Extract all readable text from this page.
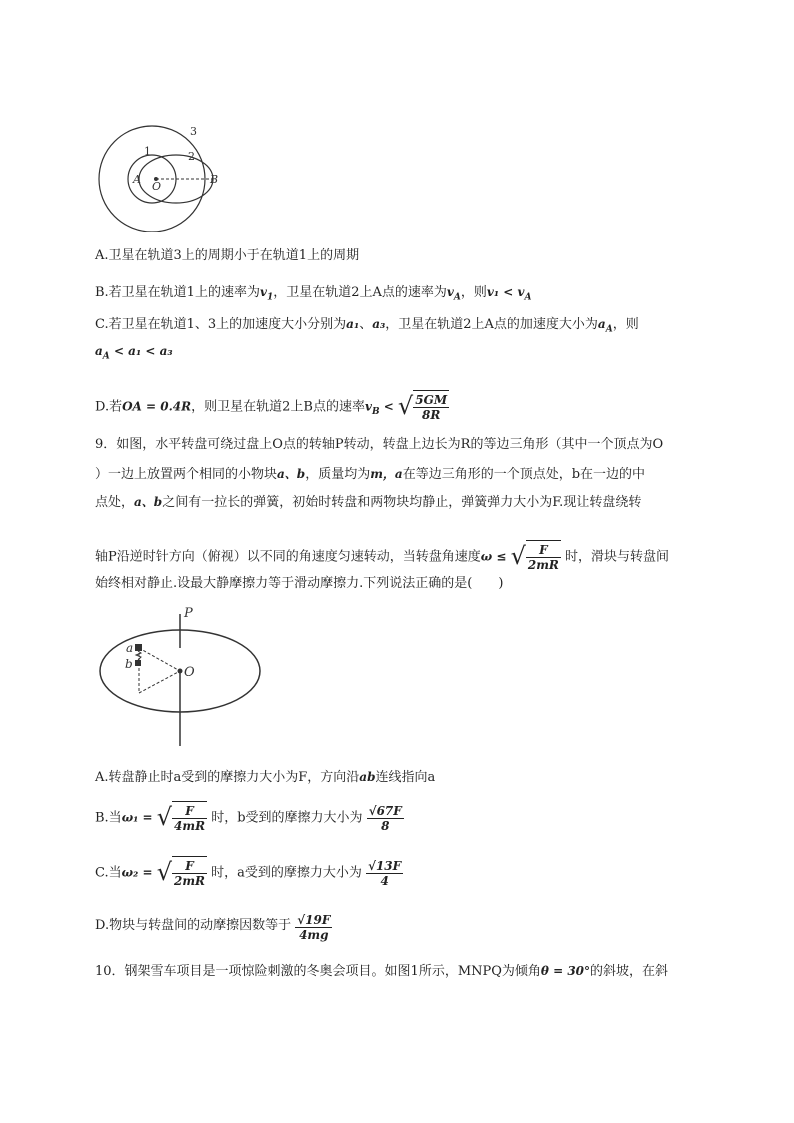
1	2
3
A
O
B
A.卫星在轨道3上的周期小于在轨道1上的周期
B.若卫星在轨道1上的速率为$v_1$，卫星在轨道2上A点的速率为$v_A$，则$v_1 < v_A$
C.若卫星在轨道1、3上的加速度大小分别为a₁、a₃，卫星在轨道2上A点的加速度大小为$a_A$，则
$a_A < a_1 < a_3$
D.若OA = 0.4R，则卫星在轨道2上B点的速率$v_B$ < √ $\frac{5GM}{8R}$
9．如图，水平转盘可绕过盘上O点的转轴P转动，转盘上边长为R的等边三角形（其中一个顶点为O
）一边上放置两个相同的小物块a、b，质量均为m，a在等边三角形的一个顶点处，b在一边的中
点处，a、b之间有一拉长的弹簧，初始时转盘和两物块均静止，弹簧弹力大小为F.现让转盘绕转
轴P沿逆时针方向（俯视）以不同的角速度匀速转动，当转盘角速度ω ≤ √ $\frac{F}{2mR}$ 时，滑块与转盘间
始终相对静止.设最大静摩擦力等于滑动摩擦力.下列说法正确的是(　　)
P
a
b
O
A.转盘静止时a受到的摩擦力大小为F，方向沿ab连线指向a
B.当ω₁ = √ $\frac{F}{4mR}$ 时，b受到的摩擦力大小为 $\frac{√67F}{8}$
C.当ω₂ = √ $\frac{F}{2mR}$ 时，a受到的摩擦力大小为 $\frac{√13F}{4}$
D.物块与转盘间的动摩擦因数等于 $\frac{√19F}{4mg}$
10．钢架雪车项目是一项惊险刺激的冬奥会项目。如图1所示，MNPQ为倾角θ = 30°的斜坡，在斜
